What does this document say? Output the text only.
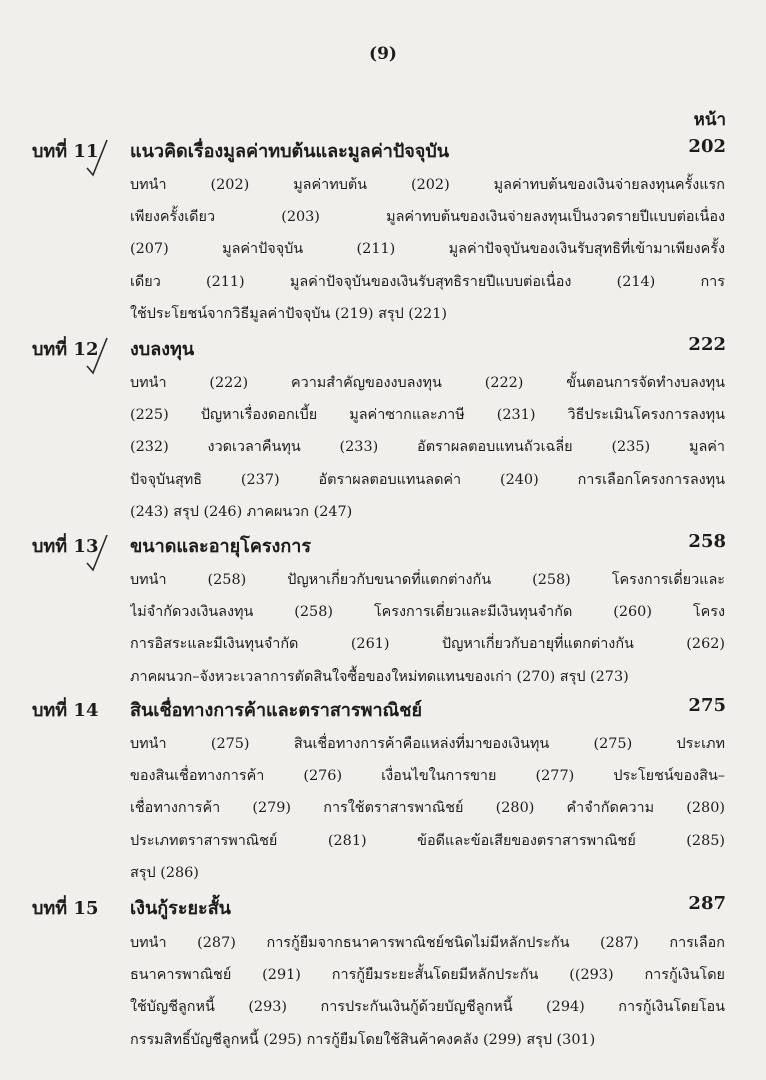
(9)
หน้า
บทที่ 11 แนวคิดเรื่องมูลค่าทบต้นและมูลค่าปัจจุบัน	202
บทนำ (202) มูลค่าทบต้น (202) มูลค่าทบต้นของเงินจ่ายลงทุนครั้งแรก
เพียงครั้งเดียว (203) มูลค่าทบต้นของเงินจ่ายลงทุนเป็นงวดรายปีแบบต่อเนื่อง
(207) มูลค่าปัจจุบัน (211) มูลค่าปัจจุบันของเงินรับสุทธิที่เข้ามาเพียงครั้ง
เดียว (211) มูลค่าปัจจุบันของเงินรับสุทธิรายปีแบบต่อเนื่อง (214) การ
ใช้ประโยชน์จากวิธีมูลค่าปัจจุบัน (219) สรุป (221)
บทที่ 12 งบลงทุน	222
บทนำ (222) ความสำคัญของงบลงทุน (222) ขั้นตอนการจัดทำงบลงทุน
(225) ปัญหาเรื่องดอกเบี้ย มูลค่าซากและภาษี (231) วิธีประเมินโครงการลงทุน
(232) งวดเวลาคืนทุน (233) อัตราผลตอบแทนถัวเฉลี่ย (235) มูลค่า
ปัจจุบันสุทธิ (237) อัตราผลตอบแทนลดค่า (240) การเลือกโครงการลงทุน
(243) สรุป (246) ภาคผนวก (247)
บทที่ 13 ขนาดและอายุโครงการ	258
บทนำ (258) ปัญหาเกี่ยวกับขนาดที่แตกต่างกัน (258) โครงการเดี่ยวและ
ไม่จำกัดวงเงินลงทุน (258) โครงการเดี่ยวและมีเงินทุนจำกัด (260) โครง
การอิสระและมีเงินทุนจำกัด (261) ปัญหาเกี่ยวกับอายุที่แตกต่างกัน (262)
ภาคผนวก–จังหวะเวลาการตัดสินใจซื้อของใหม่ทดแทนของเก่า (270) สรุป (273)
บทที่ 14 สินเชื่อทางการค้าและตราสารพาณิชย์	275
บทนำ (275) สินเชื่อทางการค้าคือแหล่งที่มาของเงินทุน (275) ประเภท
ของสินเชื่อทางการค้า (276) เงื่อนไขในการขาย (277) ประโยชน์ของสิน–
เชื่อทางการค้า (279) การใช้ตราสารพาณิชย์ (280) คำจำกัดความ (280)
ประเภทตราสารพาณิชย์ (281) ข้อดีและข้อเสียของตราสารพาณิชย์ (285)
สรุป (286)
บทที่ 15 เงินกู้ระยะสั้น	287
บทนำ (287) การกู้ยืมจากธนาคารพาณิชย์ชนิดไม่มีหลักประกัน (287) การเลือก
ธนาคารพาณิชย์ (291) การกู้ยืมระยะสั้นโดยมีหลักประกัน ((293) การกู้เงินโดย
ใช้บัญชีลูกหนี้ (293) การประกันเงินกู้ด้วยบัญชีลูกหนี้ (294) การกู้เงินโดยโอน
กรรมสิทธิ์บัญชีลูกหนี้ (295) การกู้ยืมโดยใช้สินค้าคงคลัง (299) สรุป (301)
